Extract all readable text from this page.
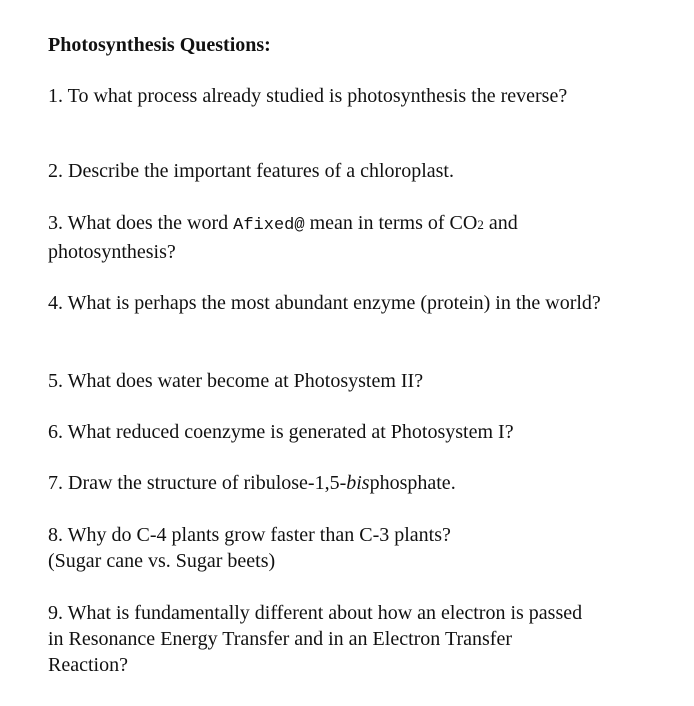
Photosynthesis Questions:

1. To what process already studied is photosynthesis the reverse?

2. Describe the important features of a chloroplast.

3. What does the word Afixed@ mean in terms of CO2 and photosynthesis?

4. What is perhaps the most abundant enzyme (protein) in the world?

5. What does water become at Photosystem II?

6. What reduced coenzyme is generated at Photosystem I?

7. Draw the structure of ribulose-1,5-bisphosphate.

8. Why do C-4 plants grow faster than C-3 plants?
(Sugar cane vs. Sugar beets)

9. What is fundamentally different about how an electron is passed in Resonance Energy Transfer and in an Electron Transfer Reaction?
